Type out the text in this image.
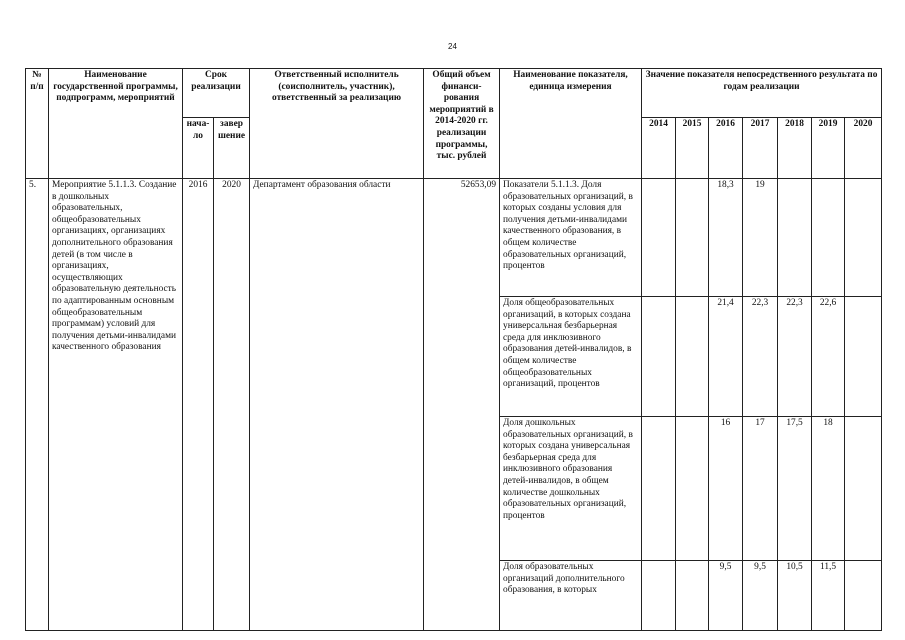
24
№ п/п	Наименование государственной программы, подпрограмм, мероприятий	Срок реализации		Ответственный исполнитель (соисполнитель, участник), ответственный за реализацию	Общий объем финанси-рования мероприятий в 2014-2020 гг. реализации программы, тыс. рублей	Наименование показателя, единица измерения	Значение показателя непосредственного результата по годам реализации						
		нача-ло	завер шение				2014	2015	2016	2017	2018	2019	2020
5.	Мероприятие 5.1.1.3. Создание в дошкольных образовательных, общеобразовательных организациях, организациях дополнительного образования детей (в том числе в организациях, осуществляющих образовательную деятельность по адаптированным основным общеобразовательным программам) условий для получения детьми-инвалидами качественного образования	2016	2020	Департамент образования области	52653,09	Показатели 5.1.1.3. Доля образовательных организаций, в которых созданы условия для получения детьми-инвалидами качественного образования, в общем количестве образовательных организаций, процентов			18,3	19			
						Доля общеобразовательных организаций, в которых создана универсальная безбарьерная среда для инклюзивного образования детей-инвалидов, в общем количестве общеобразовательных организаций, процентов			21,4	22,3	22,3	22,6	
						Доля дошкольных образовательных организаций, в которых создана универсальная безбарьерная среда для инклюзивного образования детей-инвалидов, в общем количестве дошкольных образовательных организаций, процентов			16	17	17,5	18	
						Доля образовательных организаций дополнительного образования, в которых			9,5	9,5	10,5	11,5	
